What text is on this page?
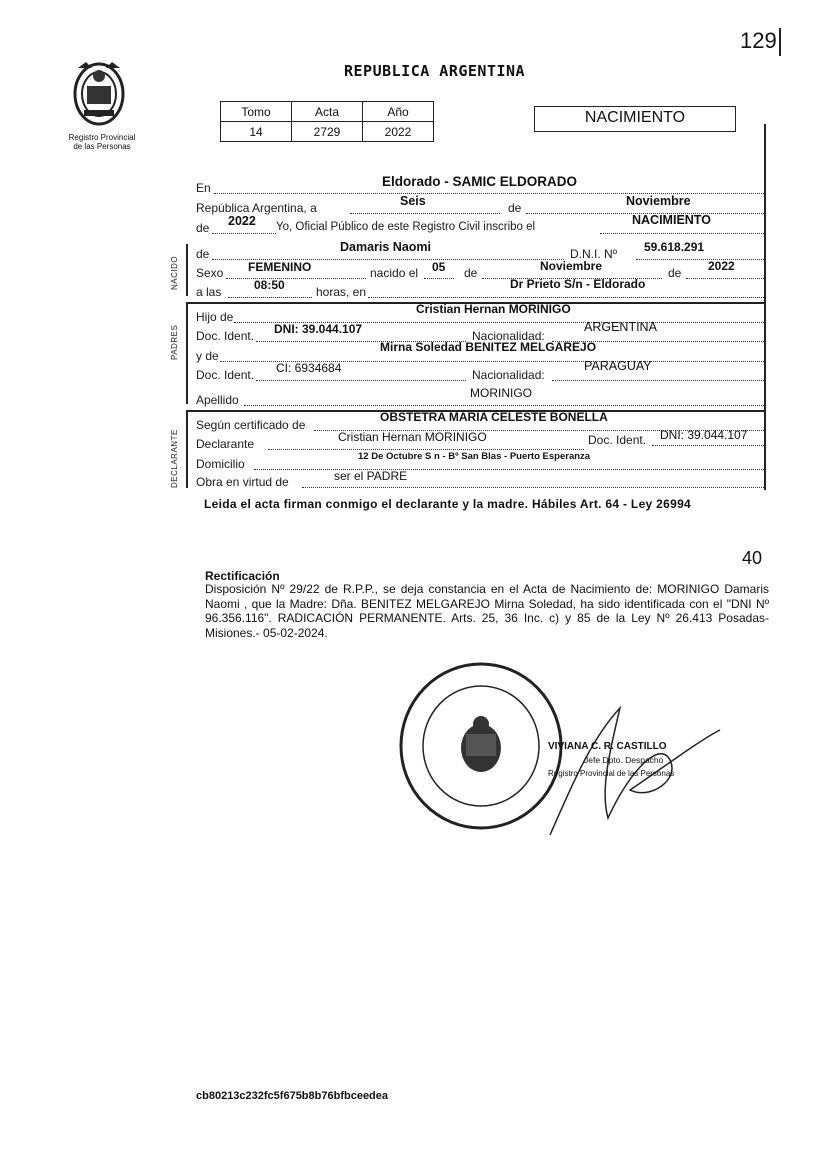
129
Registro Provincial
de las Personas
REPUBLICA ARGENTINA
Tomo	Acta	Año
14	2729	2022
NACIMIENTO
En	Eldorado - SAMIC ELDORADO
República Argentina, a	Seis	de	Noviembre
de 2022 Yo, Oficial Público de este Registro Civil inscribo el	NACIMIENTO
NACIDO
de	Damaris Naomi	D.N.I. Nº 59.618.291
Sexo FEMENINO	nacido el 05 de	Noviembre	de 2022
a las	08:50	horas, en
Dr Prieto S/n - Eldorado
PADRES
Hijo de
Cristian Hernan MORINIGO
Doc. Ident. DNI: 39.044.107	Nacionalidad:
ARGENTINA
y de
Mirna Soledad BENITEZ MELGAREJO
Doc. Ident. CI: 6934684	Nacionalidad:
PARAGUAY
Apellido	MORINIGO
DECLARANTE
Según certificado de
OBSTETRA MARÍA CELESTE BONELLA
Declarante	Cristian Hernan MORINIGO	Doc. Ident. DNI: 39.044.107
Domicilio
12 De Octubre S n - Bº San Blas - Puerto Esperanza
Obra en virtud de	ser el PADRE
Leida el acta firman conmigo el declarante y la madre. Hábiles Art. 64 - Ley 26994
40
Rectificación
Disposición Nº 29/22 de R.P.P., se deja constancia en el Acta de Nacimiento de: MORINIGO Damaris Naomi , que la Madre: Dña. BENITEZ MELGAREJO Mirna Soledad, ha sido identificada con el "DNI Nº 96.356.116". RADICACIÓN PERMANENTE. Arts. 25, 36 Inc. c) y 85 de la Ley Nº 26.413 Posadas- Misiones.- 05-02-2024.
VIVIANA C. R. CASTILLO
Jefe Dpto. Despacho
Registro Provincial de las Personas
cb80213c232fc5f675b8b76bfbceedea
